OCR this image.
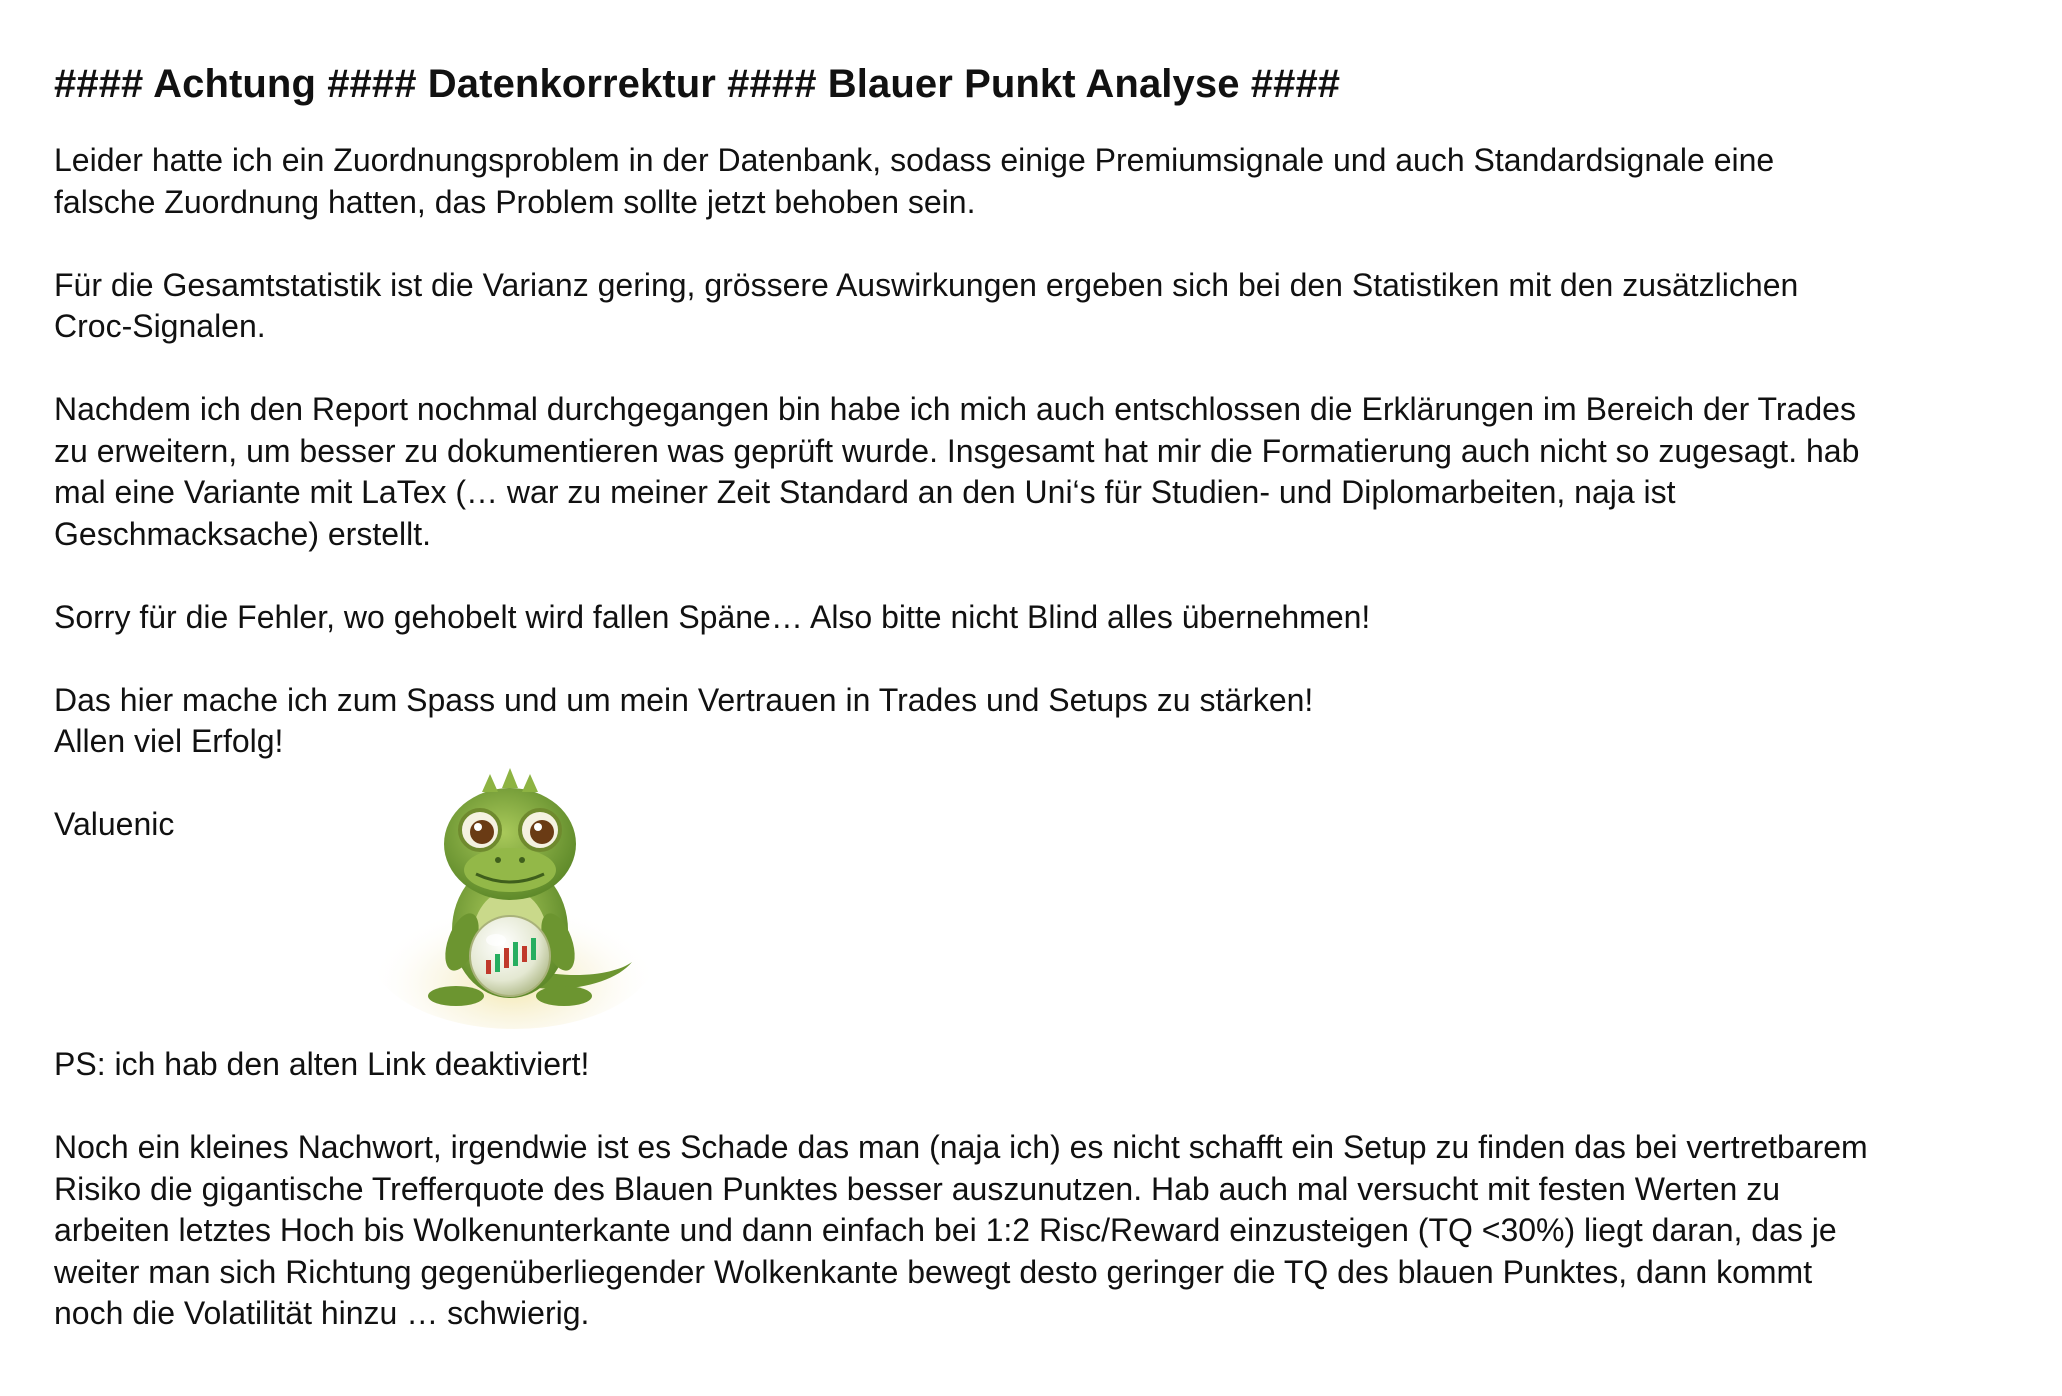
#### Achtung #### Datenkorrektur #### Blauer Punkt Analyse ####

Leider hatte ich ein Zuordnungsproblem in der Datenbank, sodass einige Premiumsignale und auch Standardsignale eine

falsche Zuordnung hatten, das Problem sollte jetzt behoben sein.

Für die Gesamtstatistik ist die Varianz gering, grössere Auswirkungen ergeben sich bei den Statistiken mit den zusätzlichen

Croc-Signalen.

Nachdem ich den Report nochmal durchgegangen bin habe ich mich auch entschlossen die Erklärungen im Bereich der Trades

zu erweitern, um besser zu dokumentieren was geprüft wurde. Insgesamt hat mir die Formatierung auch nicht so zugesagt. hab

mal eine Variante mit LaTex (… war zu meiner Zeit Standard an den Uni‘s für Studien- und Diplomarbeiten, naja ist

Geschmacksache) erstellt.

Sorry für die Fehler, wo gehobelt wird fallen Späne… Also bitte nicht Blind alles übernehmen!

Das hier mache ich zum Spass und um mein Vertrauen in Trades und Setups zu stärken!

Allen viel Erfolg!

Valuenic

PS: ich hab den alten Link deaktiviert!

Noch ein kleines Nachwort, irgendwie ist es Schade das man (naja ich) es nicht schafft ein Setup zu finden das bei vertretbarem

Risiko die gigantische Trefferquote des Blauen Punktes besser auszunutzen. Hab auch mal versucht mit festen Werten zu

arbeiten letztes Hoch bis Wolkenunterkante und dann einfach bei 1:2 Risc/Reward einzusteigen (TQ <30%) liegt daran, das je

weiter man sich Richtung gegenüberliegender Wolkenkante bewegt desto geringer die TQ des blauen Punktes, dann kommt

noch die Volatilität hinzu … schwierig.
